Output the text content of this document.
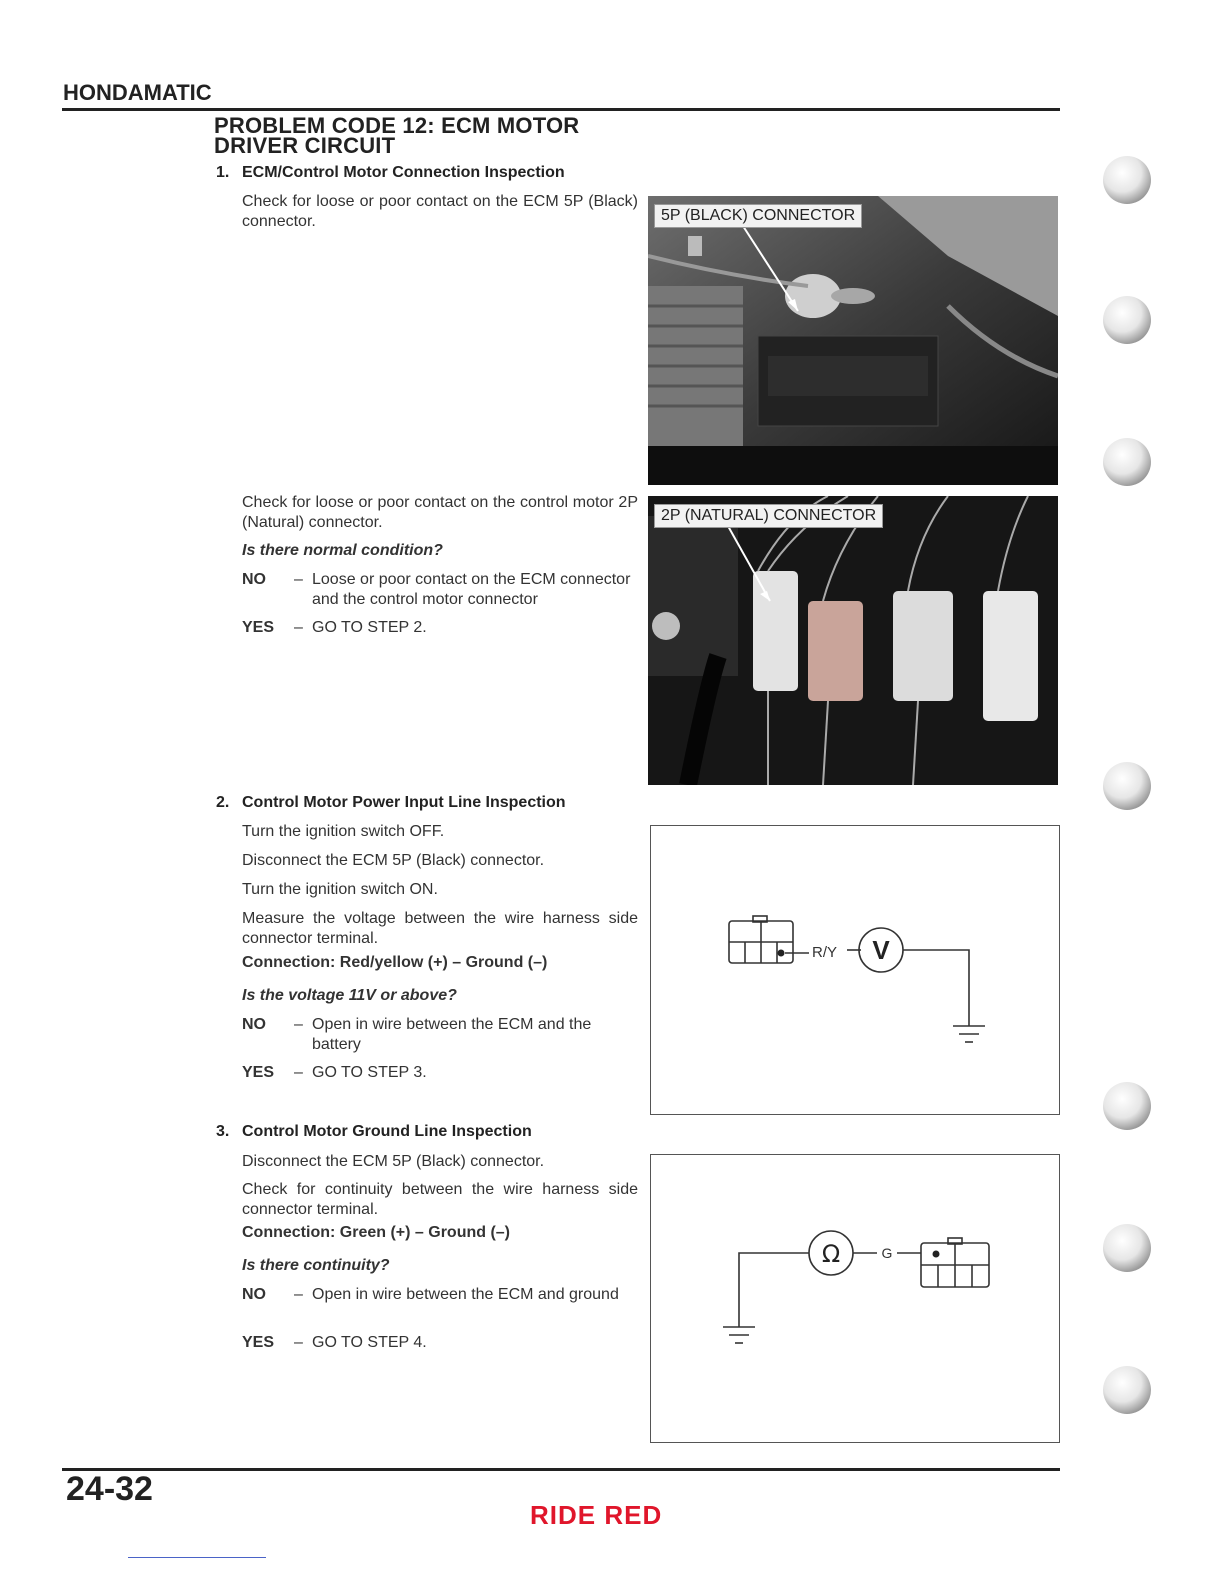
HONDAMATIC
PROBLEM CODE 12: ECM MOTOR
DRIVER CIRCUIT
1. ECM/Control Motor Connection Inspection
Check for loose or poor contact on the ECM 5P (Black) connector.
Check for loose or poor contact on the control motor 2P (Natural) connector.
Is there normal condition?
NO	– Loose or poor contact on the ECM connector and the control motor connector
YES	– GO TO STEP 2.
5P (BLACK) CONNECTOR
2P (NATURAL) CONNECTOR
2. Control Motor Power Input Line Inspection
Turn the ignition switch OFF.
Disconnect the ECM 5P (Black) connector.
Turn the ignition switch ON.
Measure the voltage between the wire harness side connector terminal.
Connection: Red/yellow (+) – Ground (–)
Is the voltage 11V or above?
NO	– Open in wire between the ECM and the battery
YES	– GO TO STEP 3.
R/Y V
3. Control Motor Ground Line Inspection
Disconnect the ECM 5P (Black) connector.
Check for continuity between the wire harness side connector terminal.
Connection: Green (+) – Ground (–)
Is there continuity?
NO	– Open in wire between the ECM and ground
YES	– GO TO STEP 4.
G
Ω
24-32
RIDE RED
